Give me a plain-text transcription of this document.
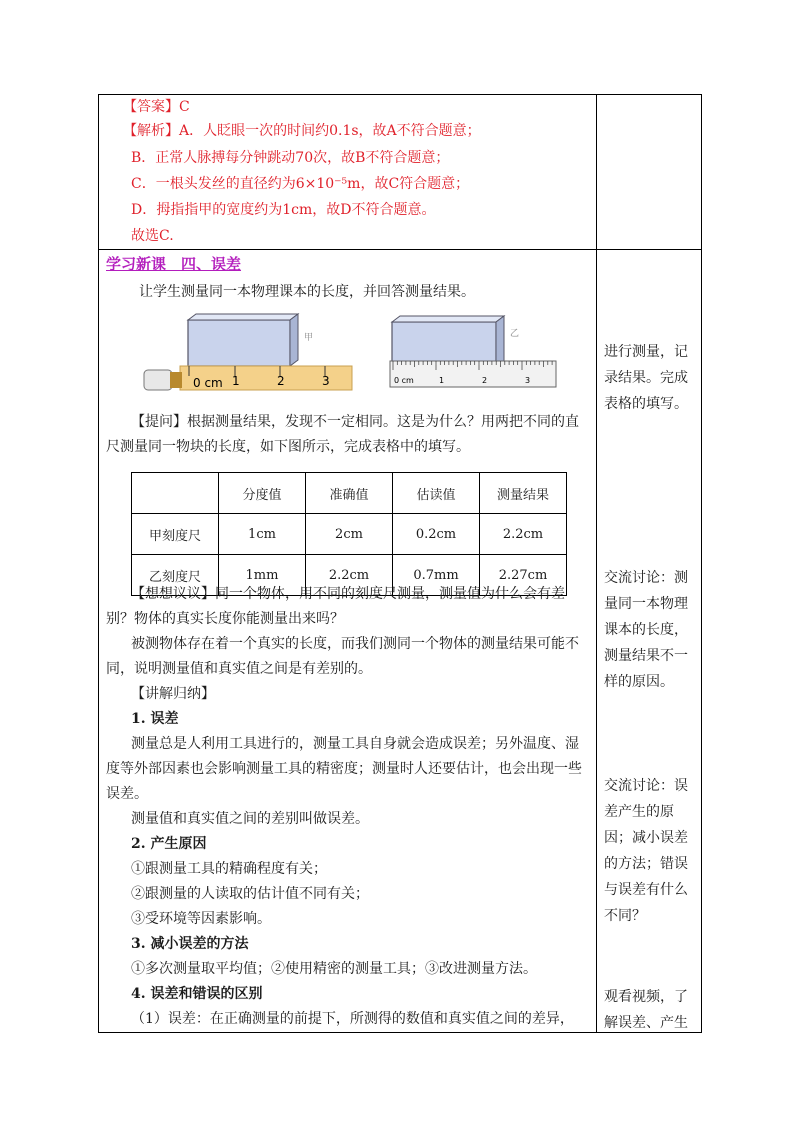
【答案】C
【解析】A．人眨眼一次的时间约0.1s，故A不符合题意；
B．正常人脉搏每分钟跳动70次，故B不符合题意；
C．一根头发丝的直径约为6×10⁻⁵m，故C符合题意；
D．拇指指甲的宽度约为1cm，故D不符合题意。
故选C.
学习新课　四、误差
让学生测量同一本物理课本的长度，并回答测量结果。
0 cm 1	2	3
甲
0 cm	1	2	3
乙
【提问】根据测量结果，发现不一定相同。这是为什么？用两把不同的直
尺测量同一物块的长度，如下图所示，完成表格中的填写。
	分度值	准确值	估读值	测量结果
甲刻度尺	1cm	2cm	0.2cm	2.2cm
乙刻度尺	1mm	2.2cm	0.7mm	2.27cm
【想想议议】同一个物体，用不同的刻度尺测量，测量值为什么会有差
别？物体的真实长度你能测量出来吗？
被测物体存在着一个真实的长度，而我们测同一个物体的测量结果可能不
同，说明测量值和真实值之间是有差别的。
【讲解归纳】
1. 误差
测量总是人利用工具进行的，测量工具自身就会造成误差；另外温度、湿
度等外部因素也会影响测量工具的精密度；测量时人还要估计，也会出现一些
误差。
测量值和真实值之间的差别叫做误差。
2. 产生原因
①跟测量工具的精确程度有关；
②跟测量的人读取的估计值不同有关；
③受环境等因素影响。
3. 减小误差的方法
①多次测量取平均值；②使用精密的测量工具；③改进测量方法。
4. 误差和错误的区别
（1）误差：在正确测量的前提下，所测得的数值和真实值之间的差异，
进行测量，记录结果。完成表格的填写。
交流讨论：测量同一本物理课本的长度，测量结果不一样的原因。
交流讨论：误差产生的原因；减小误差的方法；错误与误差有什么不同？
观看视频，了解误差、产生
